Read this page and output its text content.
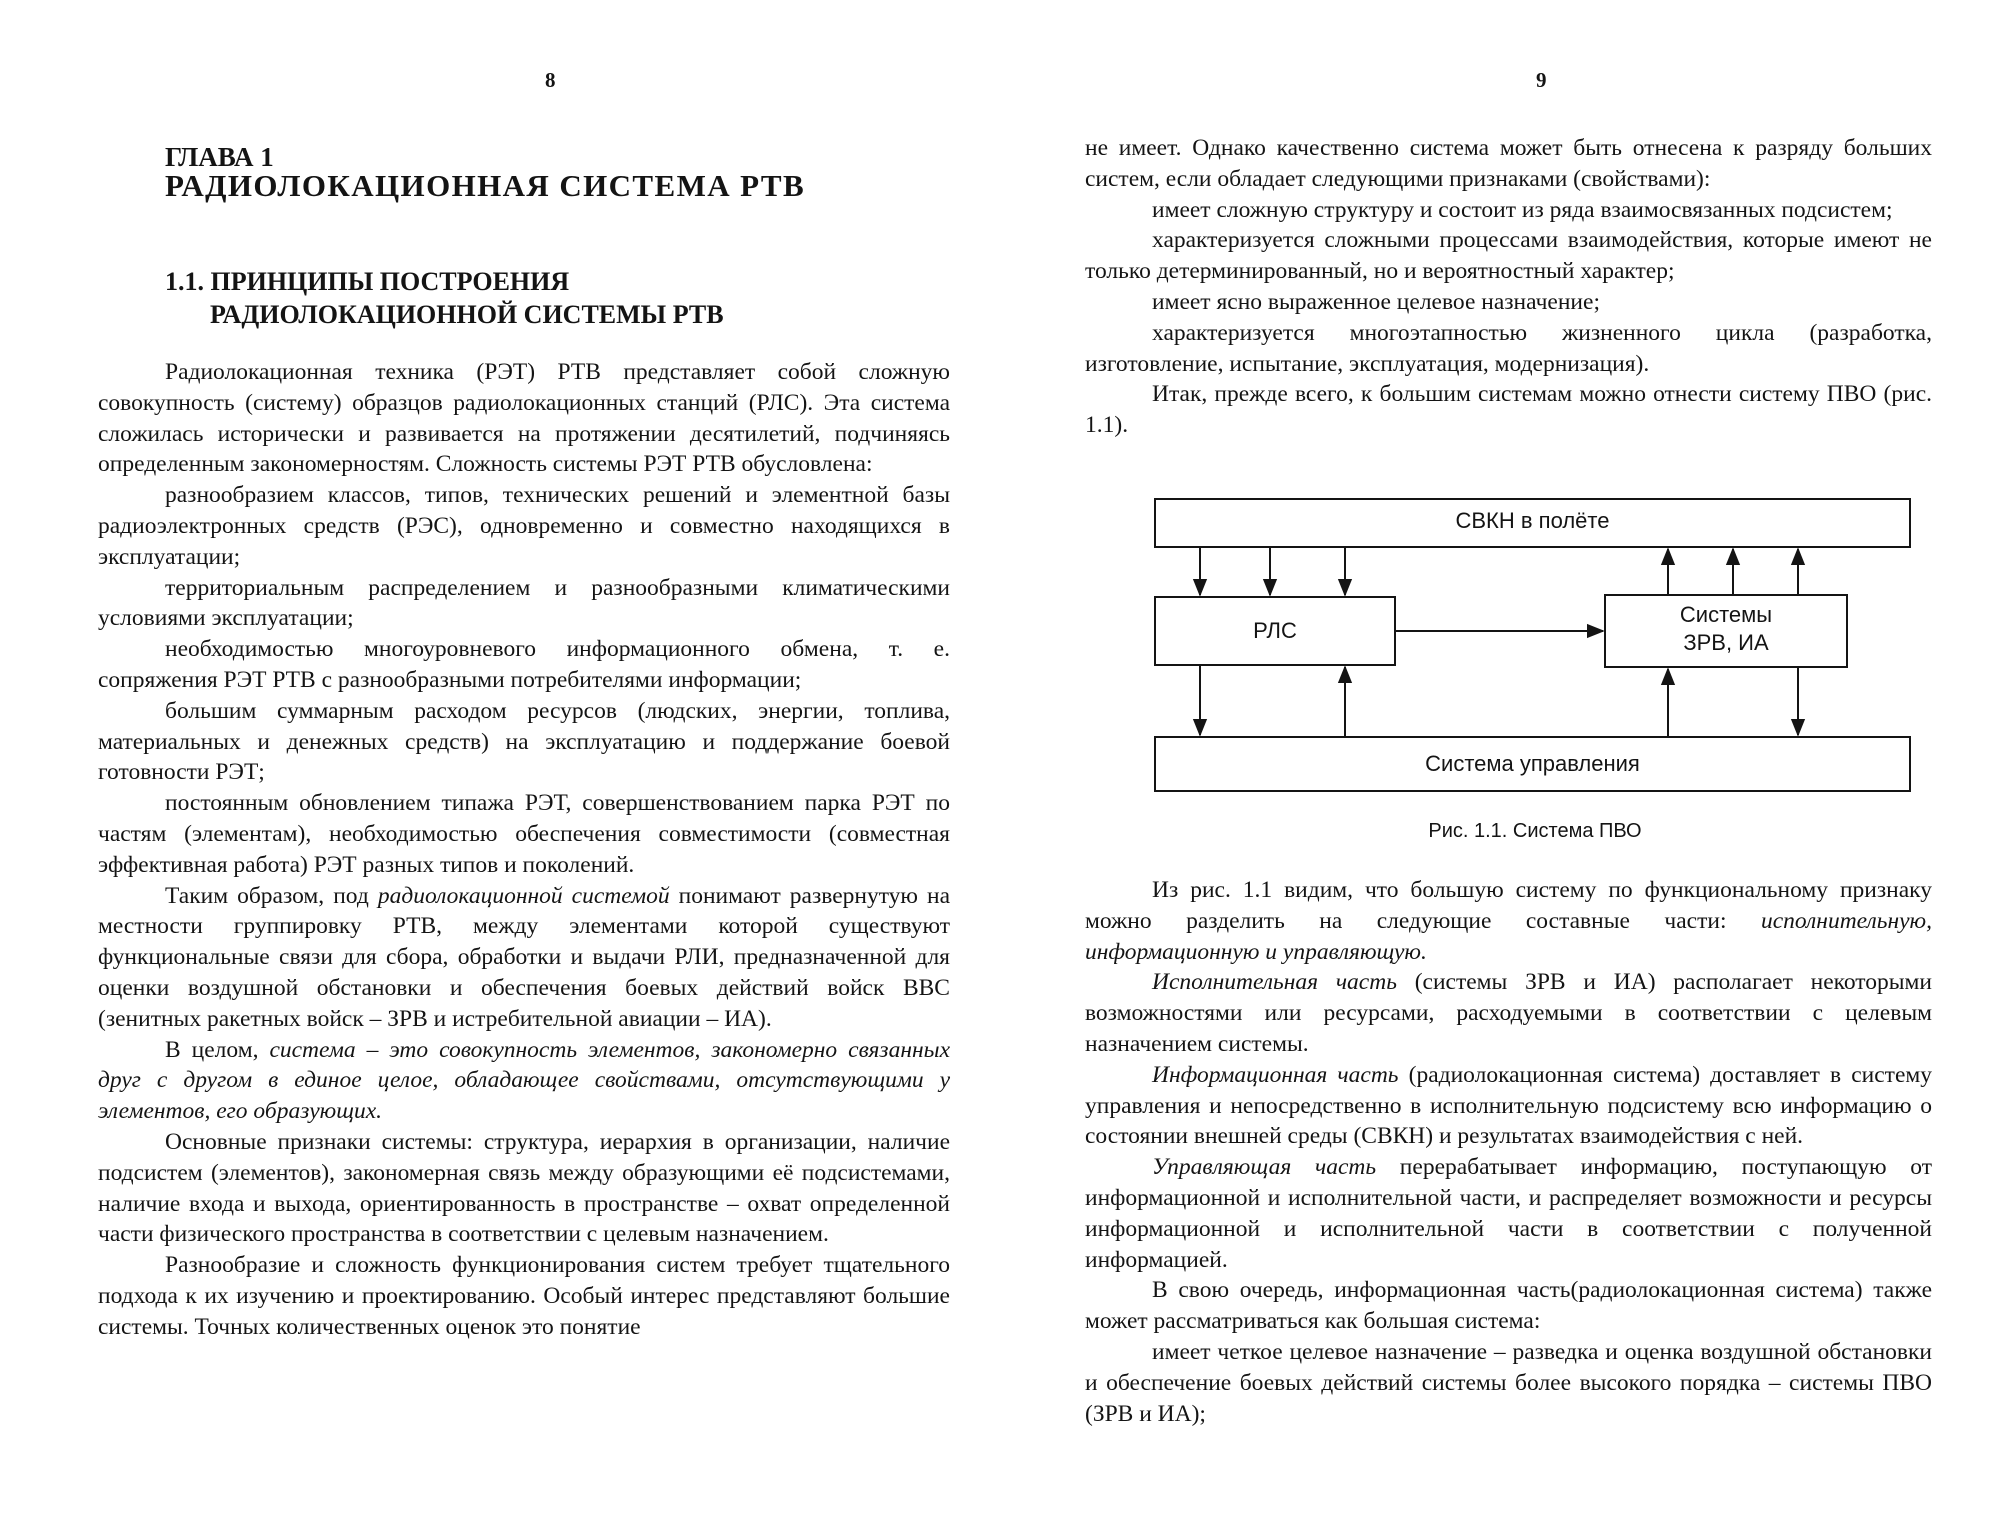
8
ГЛАВА 1
РАДИОЛОКАЦИОННАЯ СИСТЕМА РТВ
1.1. ПРИНЦИПЫ ПОСТРОЕНИЯ
РАДИОЛОКАЦИОННОЙ СИСТЕМЫ РТВ

Радиолокационная техника (РЭТ) РТВ представляет собой сложную совокупность (систему) образцов радиолокационных станций (РЛС). Эта система сложилась исторически и развивается на протяжении десятилетий, подчиняясь определенным закономерностям. Сложность системы РЭТ РТВ обусловлена:

разнообразием классов, типов, технических решений и элементной базы радиоэлектронных средств (РЭС), одновременно и совместно находящихся в эксплуатации;

территориальным распределением и разнообразными климатическими условиями эксплуатации;

необходимостью многоуровневого информационного обмена, т. е. сопряжения РЭТ РТВ с разнообразными потребителями информации;

большим суммарным расходом ресурсов (людских, энергии, топлива, материальных и денежных средств) на эксплуатацию и поддержание боевой готовности РЭТ;

постоянным обновлением типажа РЭТ, совершенствованием парка РЭТ по частям (элементам), необходимостью обеспечения совместимости (совместная эффективная работа) РЭТ разных типов и поколений.

Таким образом, под радиолокационной системой понимают развернутую на местности группировку РТВ, между элементами которой существуют функциональные связи для сбора, обработки и выдачи РЛИ, предназначенной для оценки воздушной обстановки и обеспечения боевых действий войск ВВС (зенитных ракетных войск – ЗРВ и истребительной авиации – ИА).

В целом, система – это совокупность элементов, закономерно связанных друг с другом в единое целое, обладающее свойствами, отсутствующими у элементов, его образующих.

Основные признаки системы: структура, иерархия в организации, наличие подсистем (элементов), закономерная связь между образующими её подсистемами, наличие входа и выхода, ориентированность в пространстве – охват определенной части физического пространства в соответствии с целевым назначением.

Разнообразие и сложность функционирования систем требует тщательного подхода к их изучению и проектированию. Особый интерес представляют большие системы. Точных количественных оценок это понятие

9

не имеет. Однако качественно система может быть отнесена к разряду больших систем, если обладает следующими признаками (свойствами):

имеет сложную структуру и состоит из ряда взаимосвязанных подсистем;

характеризуется сложными процессами взаимодействия, которые имеют не только детерминированный, но и вероятностный характер;

имеет ясно выраженное целевое назначение;

характеризуется многоэтапностью жизненного цикла (разработка, изготовление, испытание, эксплуатация, модернизация).

Итак, прежде всего, к большим системам можно отнести систему ПВО (рис. 1.1).

Из рис. 1.1 видим, что большую систему по функциональному признаку можно разделить на следующие составные части: исполнительную, информационную и управляющую.

Исполнительная часть (системы ЗРВ и ИА) располагает некоторыми возможностями или ресурсами, расходуемыми в соответствии с целевым назначением системы.

Информационная часть (радиолокационная система) доставляет в систему управления и непосредственно в исполнительную подсистему всю информацию о состоянии внешней среды (СВКН) и результатах взаимодействия с ней.

Управляющая часть перерабатывает информацию, поступающую от информационной и исполнительной части, и распределяет возможности и ресурсы информационной и исполнительной части в соответствии с полученной информацией.

В свою очередь, информационная часть(радиолокационная система) также может рассматриваться как большая система:

имеет четкое целевое назначение – разведка и оценка воздушной обстановки и обеспечение боевых действий системы более высокого порядка – системы ПВО (ЗРВ и ИА);

СВКН в полёте
РЛС
Системы
ЗРВ, ИА
Система управления
Рис. 1.1. Система ПВО
